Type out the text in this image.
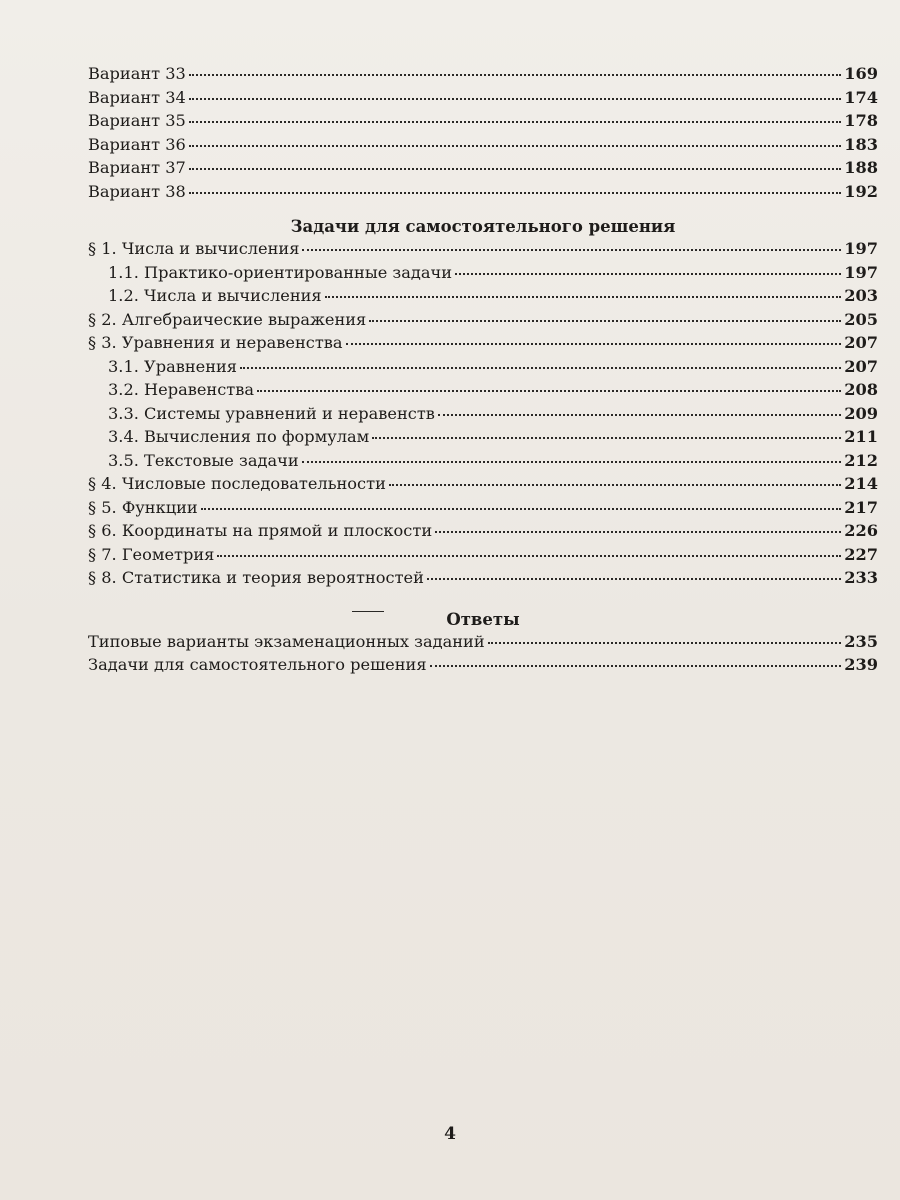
Вариант 33	169
Вариант 34	174
Вариант 35	178
Вариант 36	183
Вариант 37	188
Вариант 38	192
Задачи для самостоятельного решения
§ 1. Числа и вычисления	197
1.1. Практико-ориентированные задачи	197
1.2. Числа и вычисления	203
§ 2. Алгебраические выражения	205
§ 3. Уравнения и неравенства	207
3.1. Уравнения	207
3.2. Неравенства	208
3.3. Системы уравнений и неравенств	209
3.4. Вычисления по формулам	211
3.5. Текстовые задачи	212
§ 4. Числовые последовательности	214
§ 5. Функции	217
§ 6. Координаты на прямой и плоскости	226
§ 7. Геометрия	227
§ 8. Статистика и теория вероятностей	233
Ответы
Типовые варианты экзаменационных заданий	235
Задачи для самостоятельного решения	239
4
